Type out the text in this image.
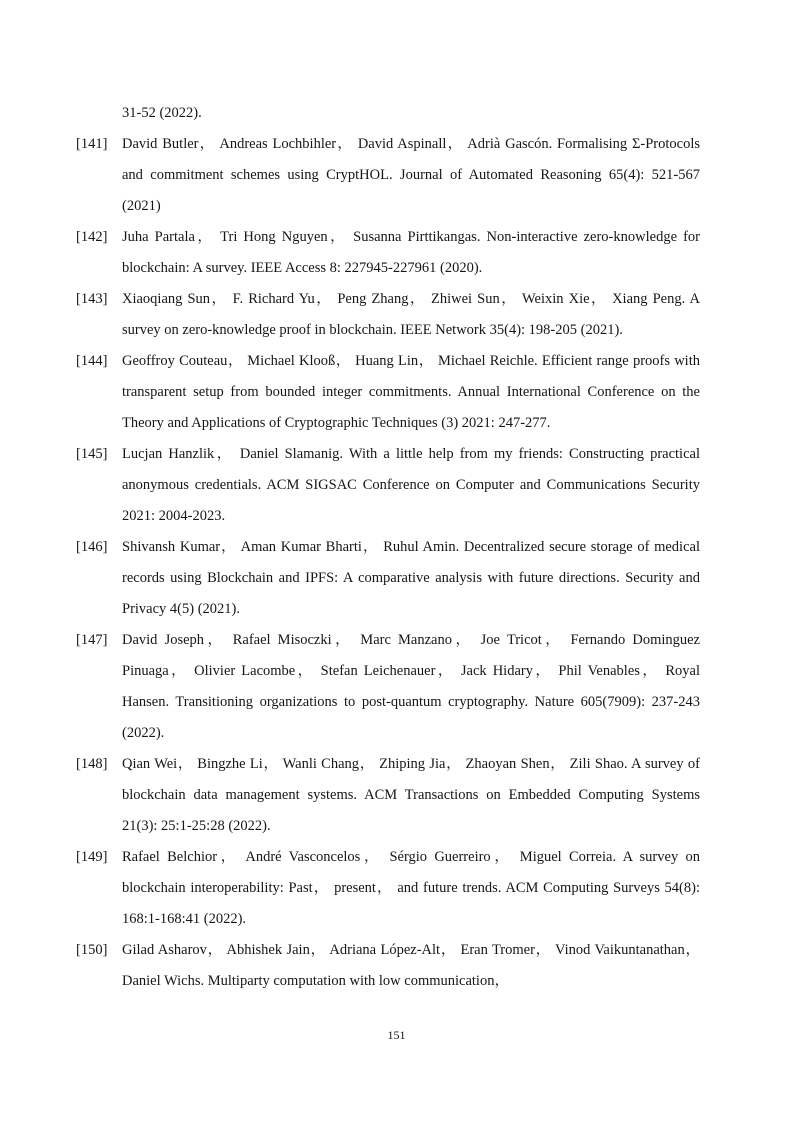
31-52 (2022).

[141] David Butler， Andreas Lochbihler， David Aspinall， Adrià Gascón. Formalising Σ-Protocols and commitment schemes using CryptHOL. Journal of Automated Reasoning 65(4): 521-567 (2021)
[142] Juha Partala， Tri Hong Nguyen， Susanna Pirttikangas. Non-interactive zero-knowledge for blockchain: A survey. IEEE Access 8: 227945-227961 (2020).
[143] Xiaoqiang Sun， F. Richard Yu， Peng Zhang， Zhiwei Sun， Weixin Xie， Xiang Peng. A survey on zero-knowledge proof in blockchain. IEEE Network 35(4): 198-205 (2021).
[144] Geoffroy Couteau， Michael Klooß， Huang Lin， Michael Reichle. Efficient range proofs with transparent setup from bounded integer commitments. Annual International Conference on the Theory and Applications of Cryptographic Techniques (3) 2021: 247-277.
[145] Lucjan Hanzlik， Daniel Slamanig. With a little help from my friends: Constructing practical anonymous credentials. ACM SIGSAC Conference on Computer and Communications Security 2021: 2004-2023.
[146] Shivansh Kumar， Aman Kumar Bharti， Ruhul Amin. Decentralized secure storage of medical records using Blockchain and IPFS: A comparative analysis with future directions. Security and Privacy 4(5) (2021).
[147] David Joseph， Rafael Misoczki， Marc Manzano， Joe Tricot， Fernando Dominguez Pinuaga， Olivier Lacombe， Stefan Leichenauer， Jack Hidary， Phil Venables， Royal Hansen. Transitioning organizations to post-quantum cryptography. Nature 605(7909): 237-243 (2022).
[148] Qian Wei， Bingzhe Li， Wanli Chang， Zhiping Jia， Zhaoyan Shen， Zili Shao. A survey of blockchain data management systems. ACM Transactions on Embedded Computing Systems 21(3): 25:1-25:28 (2022).
[149] Rafael Belchior， André Vasconcelos， Sérgio Guerreiro， Miguel Correia. A survey on blockchain interoperability: Past， present， and future trends. ACM Computing Surveys 54(8): 168:1-168:41 (2022).
[150] Gilad Asharov， Abhishek Jain， Adriana López-Alt， Eran Tromer， Vinod Vaikuntanathan， Daniel Wichs. Multiparty computation with low communication，
151
